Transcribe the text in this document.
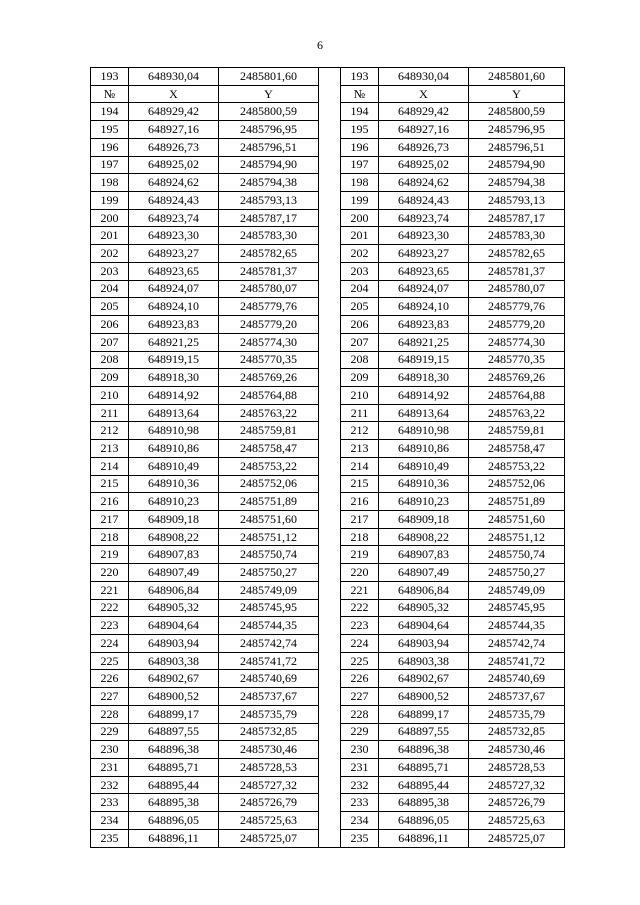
6
193	648930,04	2485801,60		193	648930,04	2485801,60
№	X	Y		№	X	Y
194	648929,42	2485800,59		194	648929,42	2485800,59
195	648927,16	2485796,95		195	648927,16	2485796,95
196	648926,73	2485796,51		196	648926,73	2485796,51
197	648925,02	2485794,90		197	648925,02	2485794,90
198	648924,62	2485794,38		198	648924,62	2485794,38
199	648924,43	2485793,13		199	648924,43	2485793,13
200	648923,74	2485787,17		200	648923,74	2485787,17
201	648923,30	2485783,30		201	648923,30	2485783,30
202	648923,27	2485782,65		202	648923,27	2485782,65
203	648923,65	2485781,37		203	648923,65	2485781,37
204	648924,07	2485780,07		204	648924,07	2485780,07
205	648924,10	2485779,76		205	648924,10	2485779,76
206	648923,83	2485779,20		206	648923,83	2485779,20
207	648921,25	2485774,30		207	648921,25	2485774,30
208	648919,15	2485770,35		208	648919,15	2485770,35
209	648918,30	2485769,26		209	648918,30	2485769,26
210	648914,92	2485764,88		210	648914,92	2485764,88
211	648913,64	2485763,22		211	648913,64	2485763,22
212	648910,98	2485759,81		212	648910,98	2485759,81
213	648910,86	2485758,47		213	648910,86	2485758,47
214	648910,49	2485753,22		214	648910,49	2485753,22
215	648910,36	2485752,06		215	648910,36	2485752,06
216	648910,23	2485751,89		216	648910,23	2485751,89
217	648909,18	2485751,60		217	648909,18	2485751,60
218	648908,22	2485751,12		218	648908,22	2485751,12
219	648907,83	2485750,74		219	648907,83	2485750,74
220	648907,49	2485750,27		220	648907,49	2485750,27
221	648906,84	2485749,09		221	648906,84	2485749,09
222	648905,32	2485745,95		222	648905,32	2485745,95
223	648904,64	2485744,35		223	648904,64	2485744,35
224	648903,94	2485742,74		224	648903,94	2485742,74
225	648903,38	2485741,72		225	648903,38	2485741,72
226	648902,67	2485740,69		226	648902,67	2485740,69
227	648900,52	2485737,67		227	648900,52	2485737,67
228	648899,17	2485735,79		228	648899,17	2485735,79
229	648897,55	2485732,85		229	648897,55	2485732,85
230	648896,38	2485730,46		230	648896,38	2485730,46
231	648895,71	2485728,53		231	648895,71	2485728,53
232	648895,44	2485727,32		232	648895,44	2485727,32
233	648895,38	2485726,79		233	648895,38	2485726,79
234	648896,05	2485725,63		234	648896,05	2485725,63
235	648896,11	2485725,07		235	648896,11	2485725,07
